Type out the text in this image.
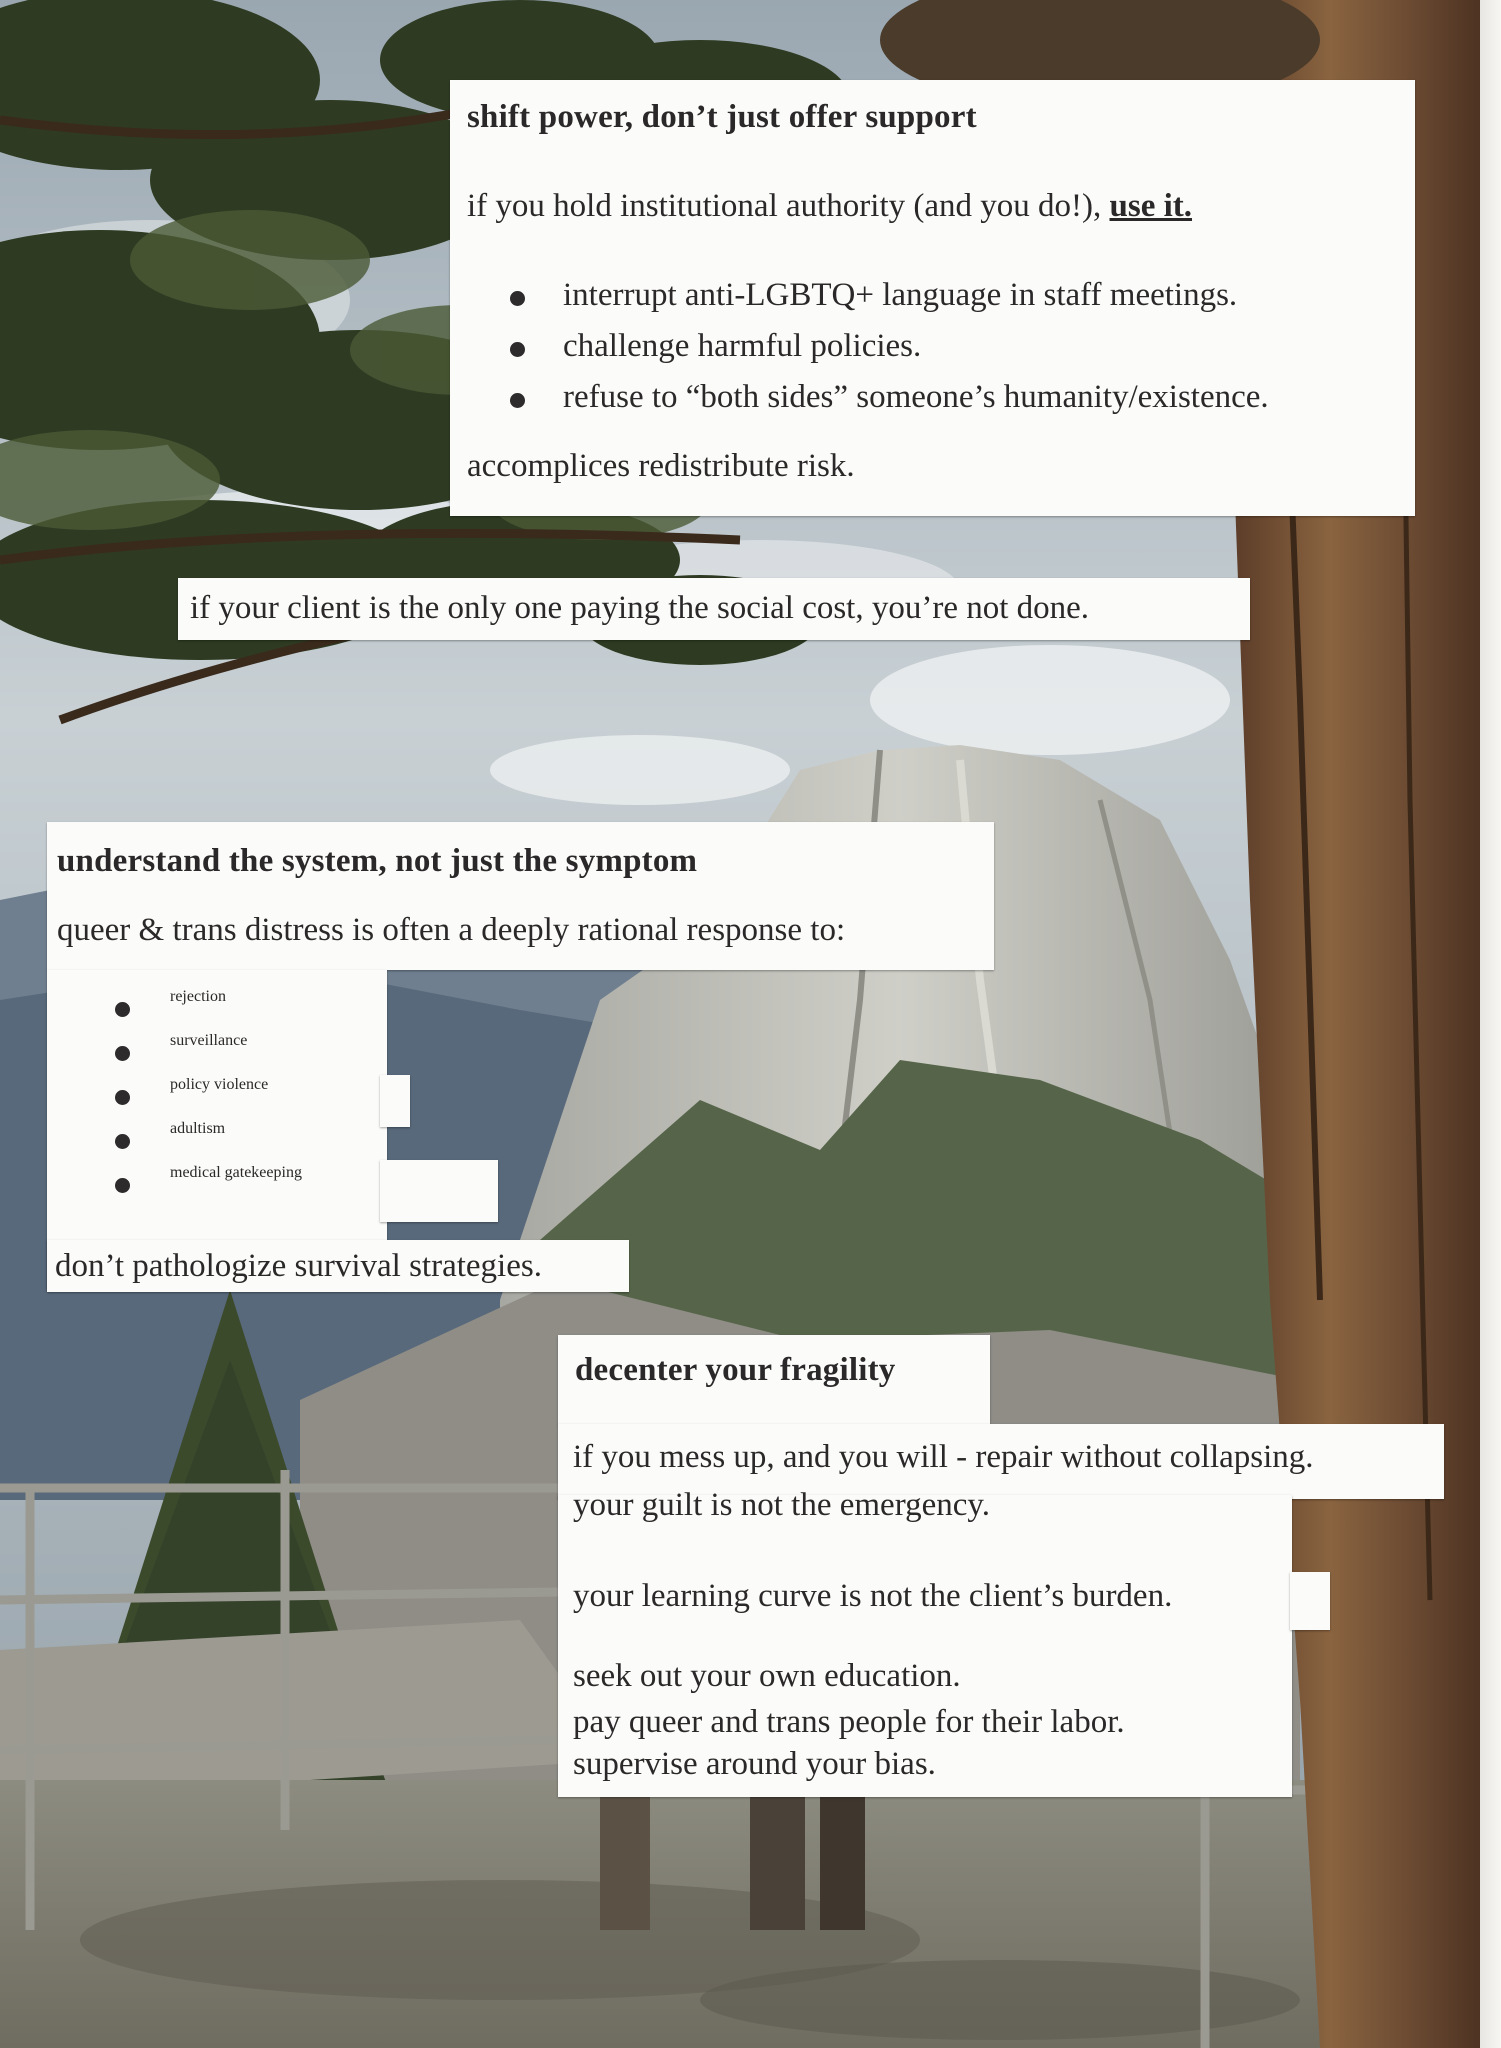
shift power, don’t just offer support
if you hold institutional authority (and you do!), use it.
interrupt anti-LGBTQ+ language in staff meetings.
challenge harmful policies.
refuse to “both sides” someone’s humanity/existence.
accomplices redistribute risk.
if your client is the only one paying the social cost, you’re not done.
understand the system, not just the symptom
queer & trans distress is often a deeply rational response to:
rejection
surveillance
policy violence
adultism
medical gatekeeping
don’t pathologize survival strategies.
decenter your fragility
if you mess up, and you will - repair without collapsing.
your guilt is not the emergency.
your learning curve is not the client’s burden.
seek out your own education.
pay queer and trans people for their labor.
supervise around your bias.
